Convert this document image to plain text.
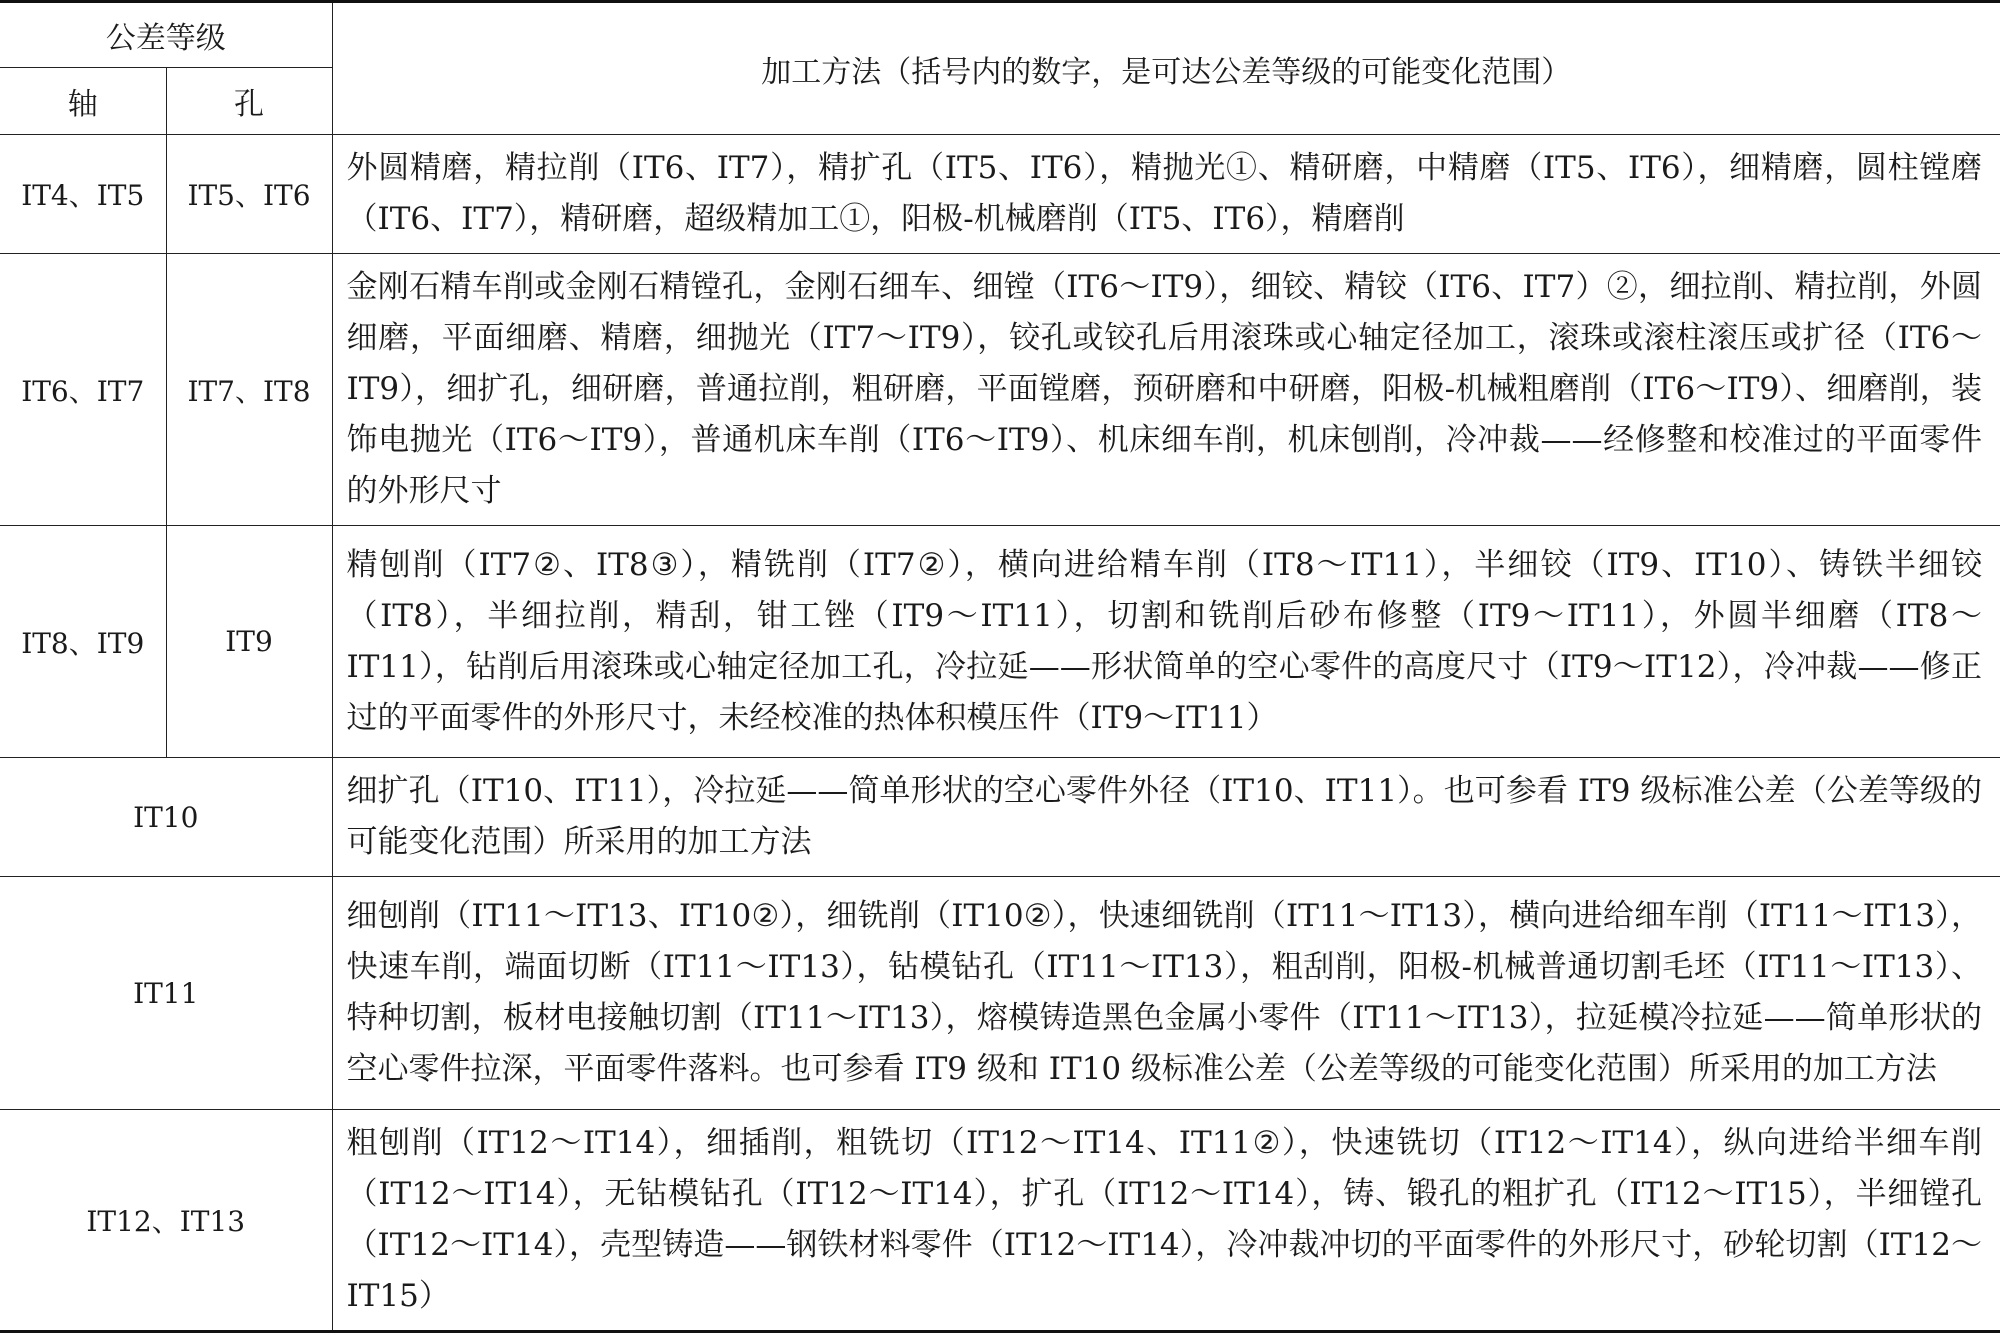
公差等级		加工方法（括号内的数字，是可达公差等级的可能变化范围）
轴	孔	
IT4、IT5	IT5、IT6	外圆精磨，精拉削（IT6、IT7），精扩孔（IT5、IT6），精抛光①、精研磨，中精磨（IT5、IT6），细精磨，圆柱镗磨（IT6、IT7），精研磨，超级精加工①，阳极-机械磨削（IT5、IT6），精磨削
IT6、IT7	IT7、IT8	金刚石精车削或金刚石精镗孔，金刚石细车、细镗（IT6～IT9），细铰、精铰（IT6、IT7）②，细拉削、精拉削，外圆细磨，平面细磨、精磨，细抛光（IT7～IT9），铰孔或铰孔后用滚珠或心轴定径加工，滚珠或滚柱滚压或扩径（IT6～IT9），细扩孔，细研磨，普通拉削，粗研磨，平面镗磨，预研磨和中研磨，阳极-机械粗磨削（IT6～IT9）、细磨削，装饰电抛光（IT6～IT9），普通机床车削（IT6～IT9）、机床细车削，机床刨削，冷冲裁——经修整和校准过的平面零件的外形尺寸
IT8、IT9	IT9	精刨削（IT7②、IT8③），精铣削（IT7②），横向进给精车削（IT8～IT11），半细铰（IT9、IT10）、铸铁半细铰（IT8），半细拉削，精刮，钳工锉（IT9～IT11），切割和铣削后砂布修整（IT9～IT11），外圆半细磨（IT8～IT11），钻削后用滚珠或心轴定径加工孔，冷拉延——形状简单的空心零件的高度尺寸（IT9～IT12），冷冲裁——修正过的平面零件的外形尺寸，未经校准的热体积模压件（IT9～IT11）
IT10		细扩孔（IT10、IT11），冷拉延——简单形状的空心零件外径（IT10、IT11）。也可参看 IT9 级标准公差（公差等级的可能变化范围）所采用的加工方法
IT11		细刨削（IT11～IT13、IT10②），细铣削（IT10②），快速细铣削（IT11～IT13），横向进给细车削（IT11～IT13），快速车削，端面切断（IT11～IT13），钻模钻孔（IT11～IT13），粗刮削，阳极-机械普通切割毛坯（IT11～IT13）、特种切割，板材电接触切割（IT11～IT13），熔模铸造黑色金属小零件（IT11～IT13），拉延模冷拉延——简单形状的空心零件拉深，平面零件落料。也可参看 IT9 级和 IT10 级标准公差（公差等级的可能变化范围）所采用的加工方法
IT12、IT13		粗刨削（IT12～IT14），细插削，粗铣切（IT12～IT14、IT11②），快速铣切（IT12～IT14），纵向进给半细车削（IT12～IT14），无钻模钻孔（IT12～IT14），扩孔（IT12～IT14），铸、锻孔的粗扩孔（IT12～IT15），半细镗孔（IT12～IT14），壳型铸造——钢铁材料零件（IT12～IT14），冷冲裁冲切的平面零件的外形尺寸，砂轮切割（IT12～IT15）
